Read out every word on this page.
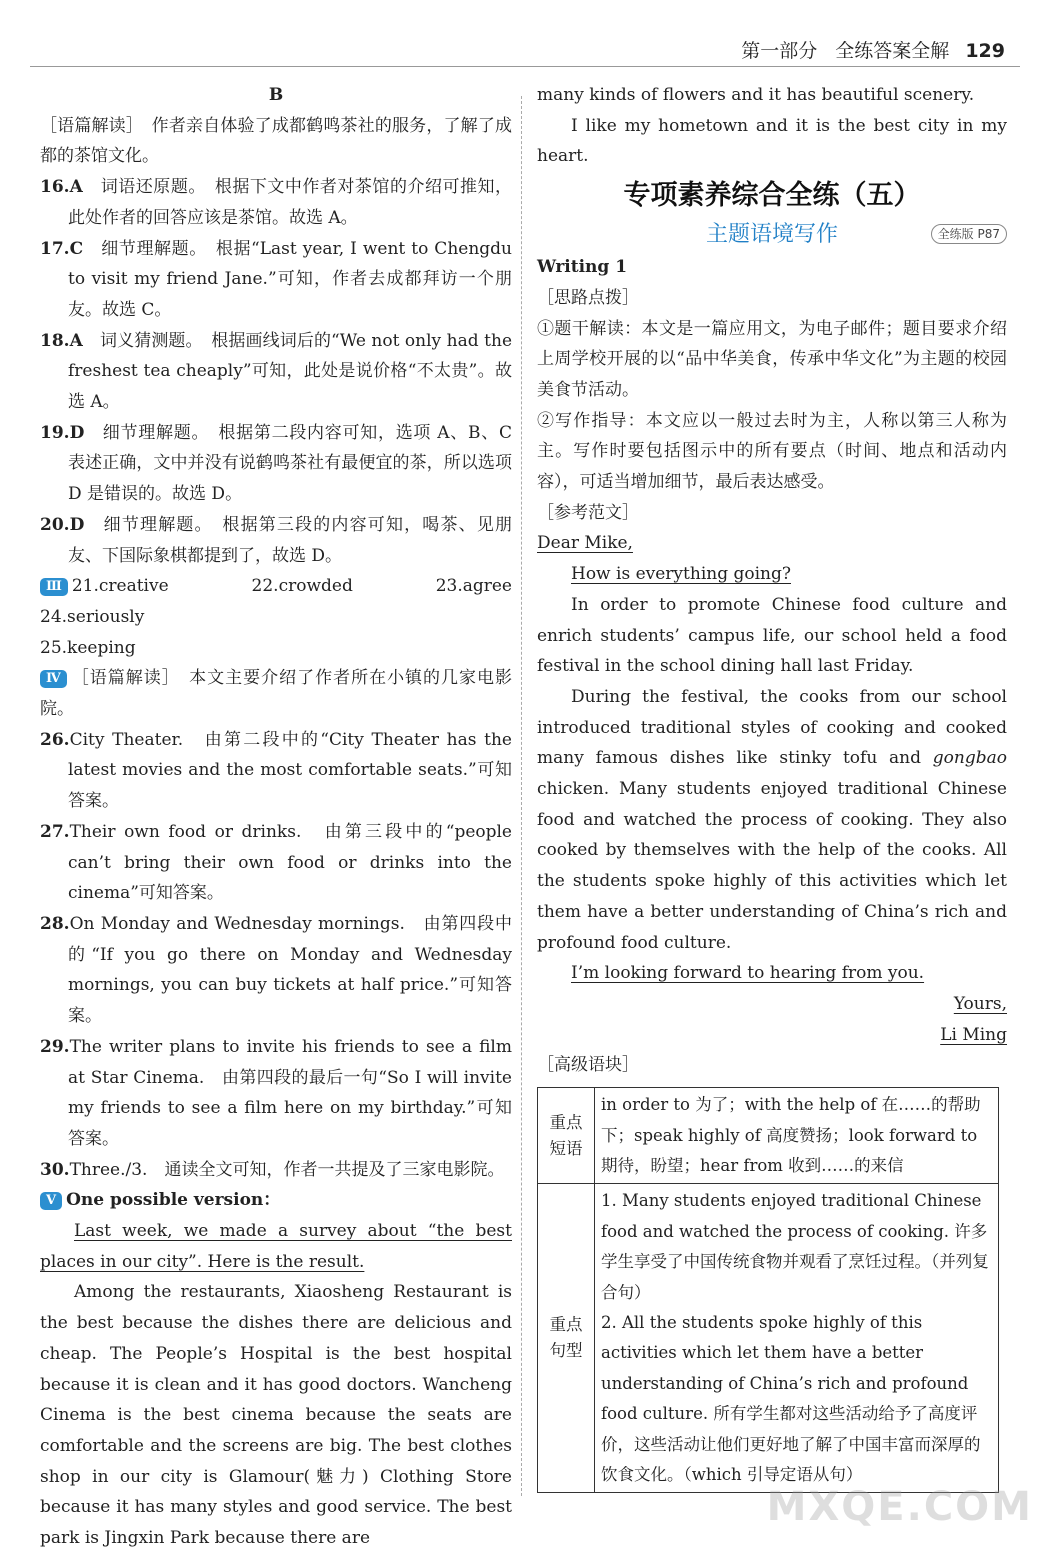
第一部分 全练答案全解 129

B

［语篇解读］　作者亲自体验了成都鹤鸣茶社的服务，了解了成都的茶馆文化。

16.A　词语还原题。　根据下文中作者对茶馆的介绍可推知，此处作者的回答应该是茶馆。故选 A。

17.C　细节理解题。　根据“Last year, I went to Chengdu to visit my friend Jane.”可知，作者去成都拜访一个朋友。故选 C。

18.A　词义猜测题。　根据画线词后的“We not only had the freshest tea cheaply”可知，此处是说价格“不太贵”。故选 A。

19.D　细节理解题。　根据第二段内容可知，选项 A、B、C 表述正确，文中并没有说鹤鸣茶社有最便宜的茶，所以选项 D 是错误的。故选 D。

20.D　细节理解题。　根据第三段的内容可知，喝茶、见朋友、下国际象棋都提到了，故选 D。

Ⅲ 21.creative　 22.crowded　 23.agree　 24.seriously

25.keeping

Ⅳ ［语篇解读］　本文主要介绍了作者所在小镇的几家电影院。

26.City Theater.　由第二段中的“City Theater has the latest movies and the most comfortable seats.”可知答案。

27.Their own food or drinks.　由第三段中的“people can’t bring their own food or drinks into the cinema”可知答案。

28.On Monday and Wednesday mornings.　由第四段中的“If you go there on Monday and Wednesday mornings, you can buy tickets at half price.”可知答案。

29.The writer plans to invite his friends to see a film at Star Cinema.　由第四段的最后一句“So I will invite my friends to see a film here on my birthday.”可知答案。

30.Three./3.　通读全文可知，作者一共提及了三家电影院。

Ⅴ One possible version：

Last week, we made a survey about “the best places in our city”. Here is the result.

Among the restaurants, Xiaosheng Restaurant is the best because the dishes there are delicious and cheap. The People’s Hospital is the best hospital because it is clean and it has good doctors. Wancheng Cinema is the best cinema because the seats are comfortable and the screens are big. The best clothes shop in our city is Glamour(魅力) Clothing Store because it has many styles and good service. The best park is Jingxin Park because there are

many kinds of flowers and it has beautiful scenery.

I like my hometown and it is the best city in my heart.

专项素养综合全练（五）
主题语境写作	全练版 P87

Writing 1

［思路点拨］

①题干解读：本文是一篇应用文，为电子邮件；题目要求介绍上周学校开展的以“品中华美食，传承中华文化”为主题的校园美食节活动。

②写作指导：本文应以一般过去时为主，人称以第三人称为主。写作时要包括图示中的所有要点（时间、地点和活动内容），可适当增加细节，最后表达感受。

［参考范文］

Dear Mike,

How is everything going?

In order to promote Chinese food culture and enrich students’ campus life, our school held a food festival in the school dining hall last Friday.

During the festival, the cooks from our school introduced traditional styles of cooking and cooked many famous dishes like stinky tofu and gongbao chicken. Many students enjoyed traditional Chinese food and watched the process of cooking. They also cooked by themselves with the help of the cooks. All the students spoke highly of this activities which let them have a better understanding of China’s rich and profound food culture.

I’m looking forward to hearing from you.

Yours,

Li Ming

［高级语块］

重点短语	in order to 为了；with the help of 在……的帮助下；speak highly of 高度赞扬；look forward to 期待，盼望；hear from 收到……的来信
重点句型	1. Many students enjoyed traditional Chinese food and watched the process of cooking. 许多学生享受了中国传统食物并观看了烹饪过程。（并列复合句）
2. All the students spoke highly of this activities which let them have a better understanding of China’s rich and profound food culture. 所有学生都对这些活动给予了高度评价，这些活动让他们更好地了解了中国丰富而深厚的饮食文化。（which 引导定语从句）
MXQE.COM
